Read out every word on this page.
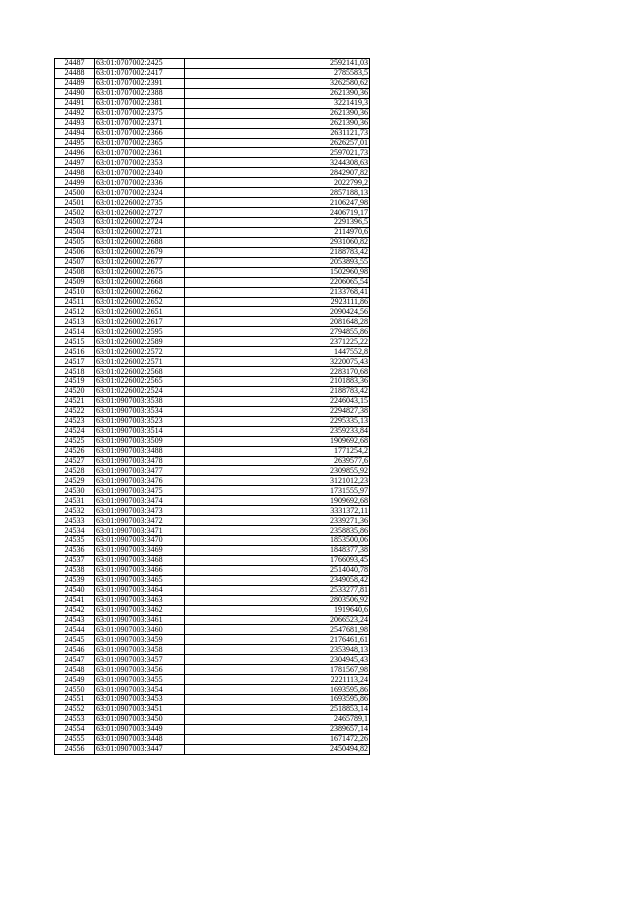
24487	63:01:0707002:2425	2592141,03
24488	63:01:0707002:2417	2785583,5
24489	63:01:0707002:2391	3262580,62
24490	63:01:0707002:2388	2621390,36
24491	63:01:0707002:2381	3221419,3
24492	63:01:0707002:2375	2621390,36
24493	63:01:0707002:2371	2621390,36
24494	63:01:0707002:2366	2631121,73
24495	63:01:0707002:2365	2626257,01
24496	63:01:0707002:2361	2597021,73
24497	63:01:0707002:2353	3244308,63
24498	63:01:0707002:2340	2842907,82
24499	63:01:0707002:2336	2022799,2
24500	63:01:0707002:2324	2857188,13
24501	63:01:0226002:2735	2106247,98
24502	63:01:0226002:2727	2406719,17
24503	63:01:0226002:2724	2291396,5
24504	63:01:0226002:2721	2114970,6
24505	63:01:0226002:2688	2931060,82
24506	63:01:0226002:2679	2188783,42
24507	63:01:0226002:2677	2053893,55
24508	63:01:0226002:2675	1502960,98
24509	63:01:0226002:2668	2206065,54
24510	63:01:0226002:2662	2133768,41
24511	63:01:0226002:2652	2923111,86
24512	63:01:0226002:2651	2090424,56
24513	63:01:0226002:2617	2081648,28
24514	63:01:0226002:2595	2794855,86
24515	63:01:0226002:2589	2371225,22
24516	63:01:0226002:2572	1447552,8
24517	63:01:0226002:2571	3220075,43
24518	63:01:0226002:2568	2283170,68
24519	63:01:0226002:2565	2101883,36
24520	63:01:0226002:2524	2188783,42
24521	63:01:0907003:3538	2246043,15
24522	63:01:0907003:3534	2294827,38
24523	63:01:0907003:3523	2295335,13
24524	63:01:0907003:3514	2359233,84
24525	63:01:0907003:3509	1909692,68
24526	63:01:0907003:3488	1771254,2
24527	63:01:0907003:3478	2639577,6
24528	63:01:0907003:3477	2309855,92
24529	63:01:0907003:3476	3121012,23
24530	63:01:0907003:3475	1731555,97
24531	63:01:0907003:3474	1909692,68
24532	63:01:0907003:3473	3331372,11
24533	63:01:0907003:3472	2339271,36
24534	63:01:0907003:3471	2358835,86
24535	63:01:0907003:3470	1853500,06
24536	63:01:0907003:3469	1848377,38
24537	63:01:0907003:3468	1766093,45
24538	63:01:0907003:3466	2514040,78
24539	63:01:0907003:3465	2349058,42
24540	63:01:0907003:3464	2533277,81
24541	63:01:0907003:3463	2803506,92
24542	63:01:0907003:3462	1919640,6
24543	63:01:0907003:3461	2066523,24
24544	63:01:0907003:3460	2547681,98
24545	63:01:0907003:3459	2176461,61
24546	63:01:0907003:3458	2353948,13
24547	63:01:0907003:3457	2304945,43
24548	63:01:0907003:3456	1781567,98
24549	63:01:0907003:3455	2221113,24
24550	63:01:0907003:3454	1693595,86
24551	63:01:0907003:3453	1693595,86
24552	63:01:0907003:3451	2518853,14
24553	63:01:0907003:3450	2465789,1
24554	63:01:0907003:3449	2389657,14
24555	63:01:0907003:3448	1671472,26
24556	63:01:0907003:3447	2450494,82
